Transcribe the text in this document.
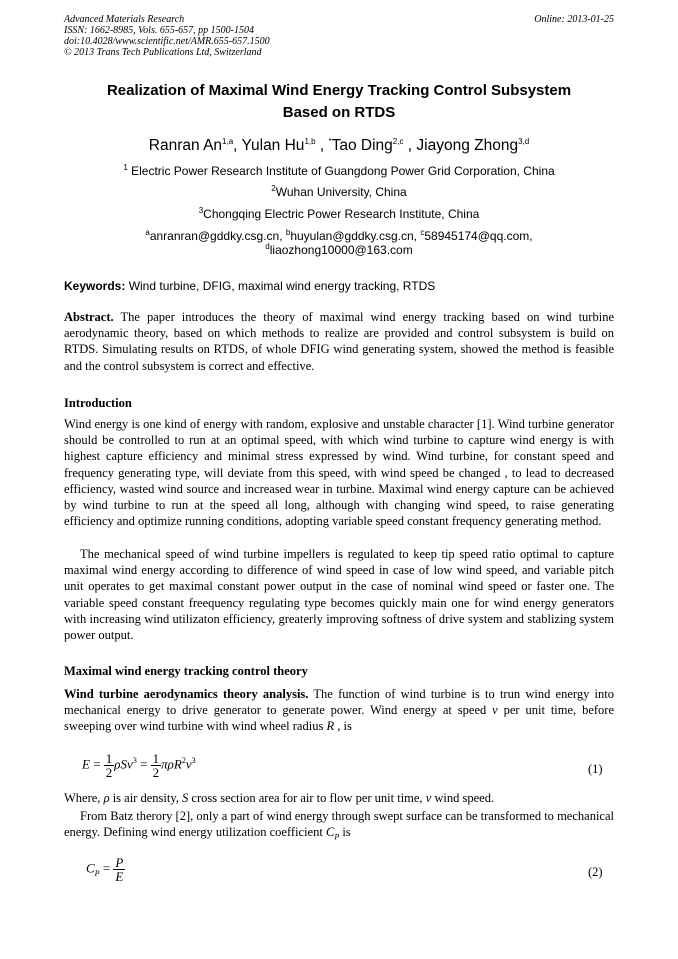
Advanced Materials Research
ISSN: 1662-8985, Vols. 655-657, pp 1500-1504
doi:10.4028/www.scientific.net/AMR.655-657.1500
© 2013 Trans Tech Publications Ltd, Switzerland
Online: 2013-01-25
Realization of Maximal Wind Energy Tracking Control Subsystem
Based on RTDS
Ranran An$^{1,a}$, Yulan Hu$^{1,b}$ , *Tao Ding$^{2,c}$ , Jiayong Zhong$^{3,d}$
$^1$ Electric Power Research Institute of Guangdong Power Grid Corporation, China
$^2$Wuhan University, China
$^3$Chongqing Electric Power Research Institute, China
$^a$anranran@gddky.csg.cn, $^b$huyulan@gddky.csg.cn, $^c$58945174@qq.com,
$^d$liaozhong10000@163.com
Keywords: Wind turbine, DFIG, maximal wind energy tracking, RTDS
Abstract. The paper introduces the theory of maximal wind energy tracking based on wind turbine aerodynamic theory, based on which methods to realize are provided and control subsystem is build on RTDS. Simulating results on RTDS, of whole DFIG wind generating system, showed the method is feasible and the control subsystem is correct and effective.
Introduction
Wind energy is one kind of energy with random, explosive and unstable character [1]. Wind turbine generator should be controlled to run at an optimal speed, with which wind turbine to capture wind energy is with highest capture efficiency and minimal stress expressed by wind. Wind turbine, for constant speed and frequency generating type, will deviate from this speed, with wind speed be changed , to lead to decreased efficiency, wasted wind source and increased wear in turbine. Maximal wind energy capture can be achieved by wind turbine to run at the speed all long, although with changing wind speed, to raise generating efficiency and optimize running conditions, adopting variable speed constant frequency generating method.
The mechanical speed of wind turbine impellers is regulated to keep tip speed ratio optimal to capture maximal wind energy according to difference of wind speed in case of low wind speed, and variable pitch unit operates to get maximal constant power output in the case of nominal wind speed or faster one. The variable speed constant freequency regulating type becomes quickly main one for wind energy generators with increasing wind utilizaton efficiency, greaterly improving softness of drive system and stablizing system power output.
Maximal wind energy tracking control theory
Wind turbine aerodynamics theory analysis. The function of wind turbine is to trun wind energy into mechanical energy to drive generator to generate power. Wind energy at speed v per unit time, before sweeping over wind turbine with wind wheel radius R , is
$E = \frac{1}{2} \rho Sv^3 = \frac{1}{2} \pi\rho R^2v^3$
(1)
Where, ρ is air density, S cross section area for air to flow per unit time, v wind speed.
From Batz therory [2], only a part of wind energy through swept surface can be transformed to mechanical energy. Defining wind energy utilization coefficient $C_P$ is
$C_P = \frac{P}{E}$	(2)
